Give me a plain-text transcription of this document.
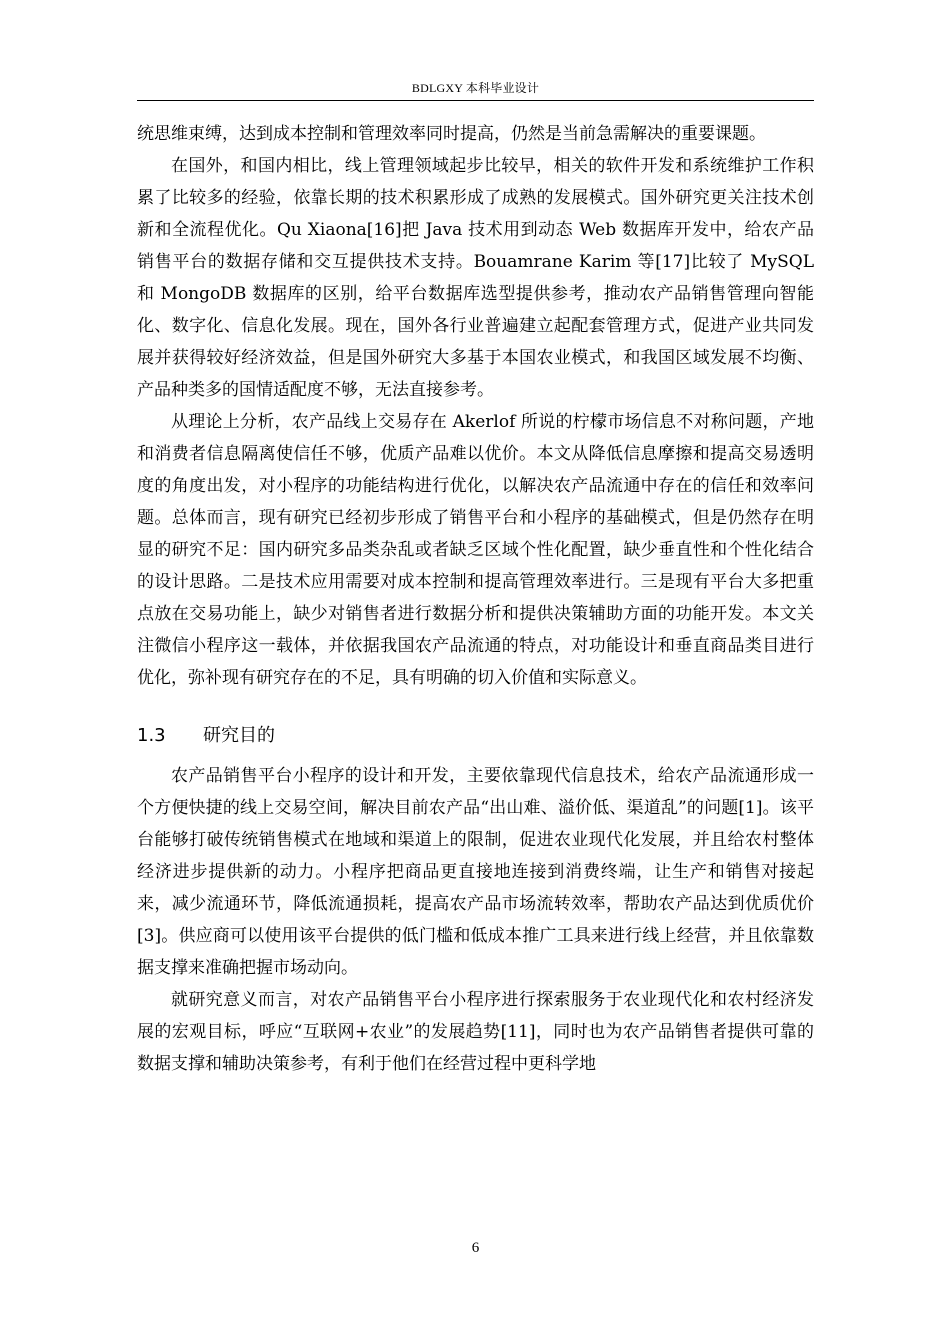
BDLGXY 本科毕业设计

统思维束缚，达到成本控制和管理效率同时提高，仍然是当前急需解决的重要课题。

在国外，和国内相比，线上管理领域起步比较早，相关的软件开发和系统维护工作积累了比较多的经验，依靠长期的技术积累形成了成熟的发展模式。国外研究更关注技术创新和全流程优化。Qu Xiaona[16]把 Java 技术用到动态 Web 数据库开发中，给农产品销售平台的数据存储和交互提供技术支持。Bouamrane Karim 等[17]比较了 MySQL 和 MongoDB 数据库的区别，给平台数据库选型提供参考，推动农产品销售管理向智能化、数字化、信息化发展。现在，国外各行业普遍建立起配套管理方式，促进产业共同发展并获得较好经济效益，但是国外研究大多基于本国农业模式，和我国区域发展不均衡、产品种类多的国情适配度不够，无法直接参考。

从理论上分析，农产品线上交易存在 Akerlof 所说的柠檬市场信息不对称问题，产地和消费者信息隔离使信任不够，优质产品难以优价。本文从降低信息摩擦和提高交易透明度的角度出发，对小程序的功能结构进行优化，以解决农产品流通中存在的信任和效率问题。总体而言，现有研究已经初步形成了销售平台和小程序的基础模式，但是仍然存在明显的研究不足：国内研究多品类杂乱或者缺乏区域个性化配置，缺少垂直性和个性化结合的设计思路。二是技术应用需要对成本控制和提高管理效率进行。三是现有平台大多把重点放在交易功能上，缺少对销售者进行数据分析和提供决策辅助方面的功能开发。本文关注微信小程序这一载体，并依据我国农产品流通的特点，对功能设计和垂直商品类目进行优化，弥补现有研究存在的不足，具有明确的切入价值和实际意义。

1.3 研究目的

农产品销售平台小程序的设计和开发，主要依靠现代信息技术，给农产品流通形成一个方便快捷的线上交易空间，解决目前农产品“出山难、溢价低、渠道乱”的问题[1]。该平台能够打破传统销售模式在地域和渠道上的限制，促进农业现代化发展，并且给农村整体经济进步提供新的动力。小程序把商品更直接地连接到消费终端，让生产和销售对接起来，减少流通环节，降低流通损耗，提高农产品市场流转效率，帮助农产品达到优质优价[3]。供应商可以使用该平台提供的低门槛和低成本推广工具来进行线上经营，并且依靠数据支撑来准确把握市场动向。

就研究意义而言，对农产品销售平台小程序进行探索服务于农业现代化和农村经济发展的宏观目标，呼应“互联网+农业”的发展趋势[11]，同时也为农产品销售者提供可靠的数据支撑和辅助决策参考，有利于他们在经营过程中更科学地

6
